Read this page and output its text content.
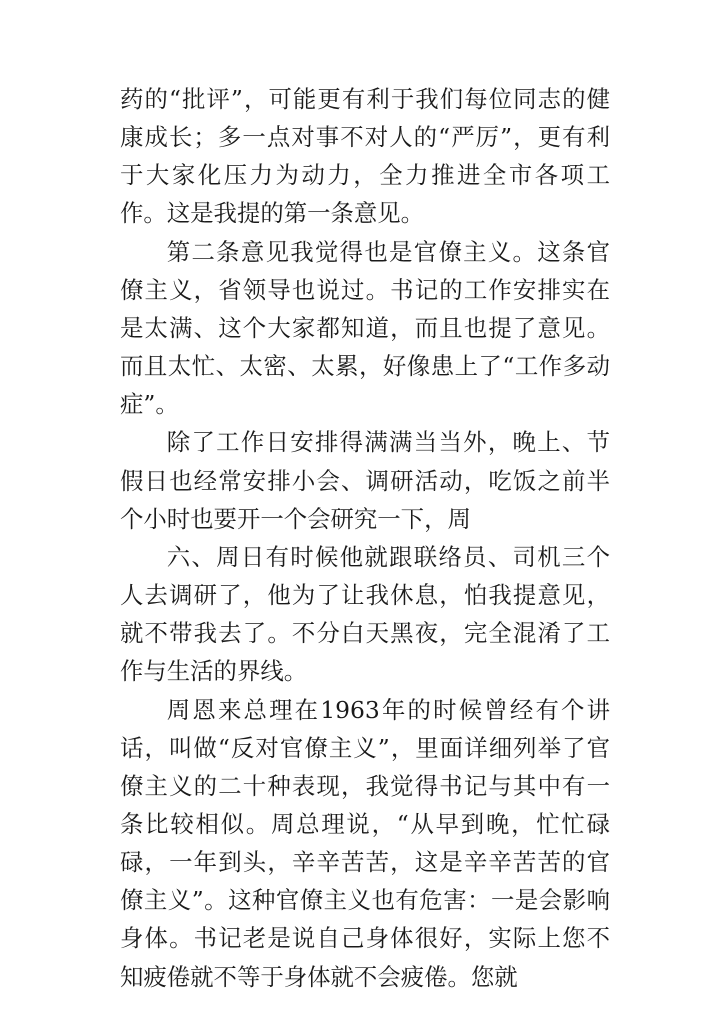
药的“批评”，可能更有利于我们每位同志的健康成长；多一点对事不对人的“严厉”，更有利于大家化压力为动力，全力推进全市各项工作。这是我提的第一条意见。

第二条意见我觉得也是官僚主义。这条官僚主义，省领导也说过。书记的工作安排实在是太满、这个大家都知道，而且也提了意见。而且太忙、太密、太累，好像患上了“工作多动症”。

除了工作日安排得满满当当外，晚上、节假日也经常安排小会、调研活动，吃饭之前半个小时也要开一个会研究一下，周

六、周日有时候他就跟联络员、司机三个人去调研了，他为了让我休息，怕我提意见，就不带我去了。不分白天黑夜，完全混淆了工作与生活的界线。

周恩来总理在1963年的时候曾经有个讲话，叫做“反对官僚主义”，里面详细列举了官僚主义的二十种表现，我觉得书记与其中有一条比较相似。周总理说，“从早到晚，忙忙碌碌，一年到头，辛辛苦苦，这是辛辛苦苦的官僚主义”。这种官僚主义也有危害：一是会影响身体。书记老是说自己身体很好，实际上您不知疲倦就不等于身体就不会疲倦。您就
